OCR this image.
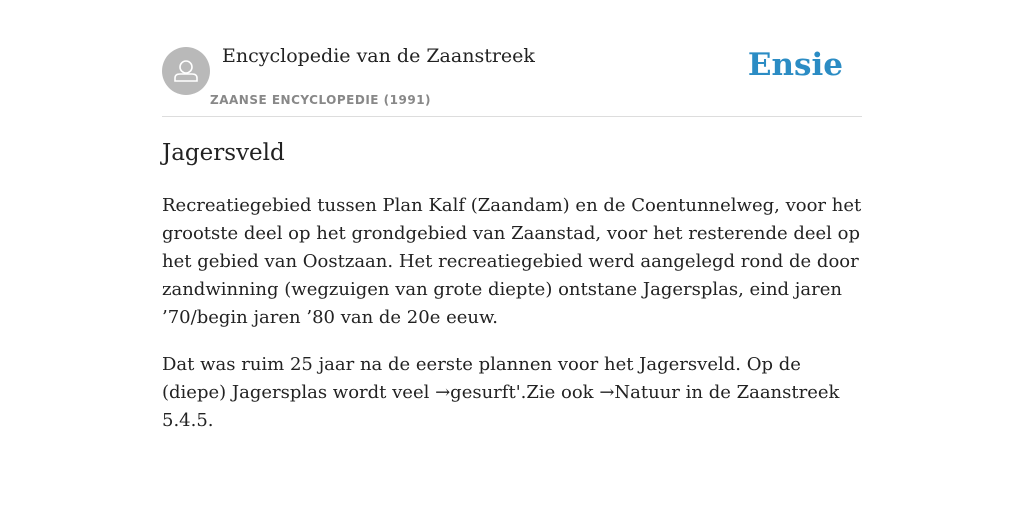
Encyclopedie van de Zaanstreek
ZAANSE ENCYCLOPEDIE (1991)
Ensie
Jagersveld

Recreatiegebied tussen Plan Kalf (Zaandam) en de Coentunnelweg, voor het grootste deel op het grondgebied van Zaanstad, voor het resterende deel op het gebied van Oostzaan. Het recreatiegebied werd aangelegd rond de door zandwinning (wegzuigen van grote diepte) ontstane Jagersplas, eind jaren ’70/begin jaren ’80 van de 20e eeuw.

Dat was ruim 25 jaar na de eerste plannen voor het Jagersveld. Op de (diepe) Jagersplas wordt veel →gesurft'.Zie ook →Natuur in de Zaanstreek 5.4.5.
